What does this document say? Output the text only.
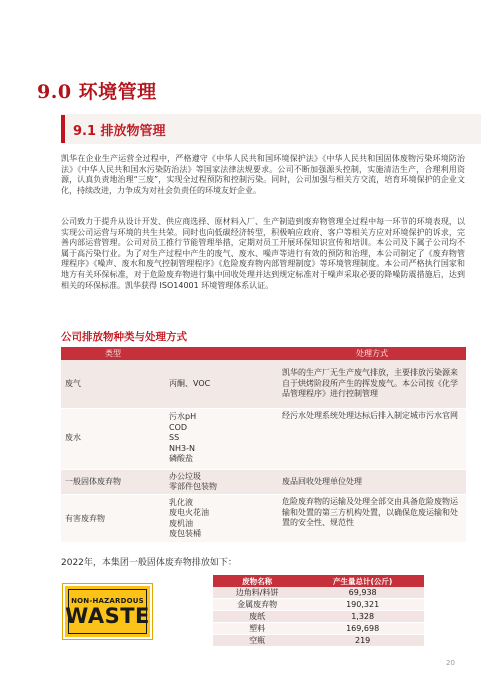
9.0 环境管理
9.1 排放物管理

凯华在企业生产运营全过程中，严格遵守《中华人民共和国环境保护法》《中华人民共和国固体废物污染环境防治法》《中华人民共和国水污染防治法》等国家法律法规要求。公司不断加强源头控制，实施清洁生产，合理利用资源，认真负责地治理“三废”，实现全过程预防和控制污染。同时，公司加强与相关方交流，培育环境保护的企业文化，持续改进，力争成为对社会负责任的环境友好企业。

公司致力于提升从设计开发、供应商选择、原材料入厂、生产制造到废弃物管理全过程中每一环节的环境表现，以实现公司运营与环境的共生共荣。同时也向低碳经济转型，积极响应政府、客户等相关方应对环境保护的诉求，完善内部运营管理。公司对员工推行节能管理举措，定期对员工开展环保知识宣传和培训。本公司及下属子公司均不属于高污染行业。为了对生产过程中产生的废气、废水、噪声等进行有效的预防和治理，本公司制定了《废弃物管理程序》《噪声、废水和废气控制管理程序》《危险废弃物内部管理制度》等环境管理制度。本公司严格执行国家和地方有关环保标准，对于危险废弃物进行集中回收处理并达到规定标准对于噪声采取必要的降噪防震措施后，达到相关的环保标准。凯华获得 ISO14001 环境管理体系认证。

公司排放物种类与处理方式
类型		处理方式
废气	丙酮、VOC	凯华的生产厂无生产废气排放，主要排放污染源来自于烘烤阶段所产生的挥发废气。本公司按《化学品管理程序》进行控制管理

废水	污水pH
COD
SS
NH3-N
磷酸盐	经污水处理系统处理达标后排入制定城市污水官网

一般固体废弃物	办公垃圾
零部件包装物	废品回收处理单位处理

有害废弃物	乳化液
废电火花油
废机油
废包装桶	危险废弃物的运输及处理全部交由具备危险废物运输和处置的第三方机构处置，以确保危废运输和处置的安全性、规范性
2022年，本集团一般固体废弃物排放如下：
NON-HAZARDOUS
WASTE
废物名称	产生量总计(公斤)
边角料/料饼	69,938
金属废弃物	190,321
废纸	1,328
塑料	169,698
空瓶	219
20
